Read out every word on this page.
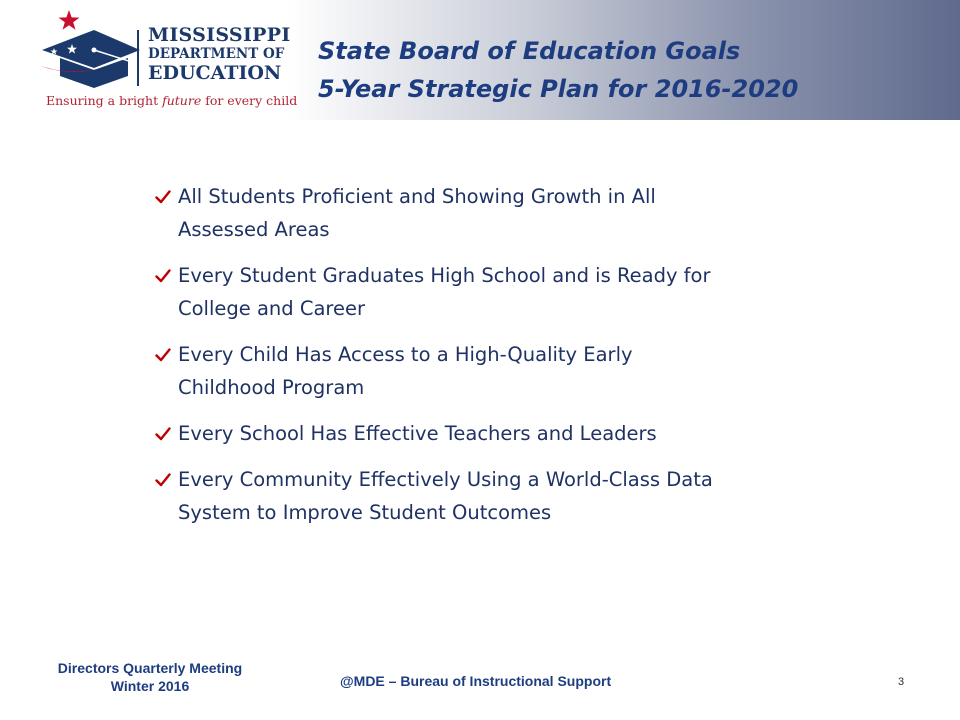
MISSISSIPPI
DEPARTMENT OF
EDUCATION
Ensuring a bright future for every child
State Board of Education Goals
5-Year Strategic Plan for 2016-2020
All Students Proficient and Showing Growth in All
Assessed Areas
Every Student Graduates High School and is Ready for
College and Career
Every Child Has Access to a High-Quality Early
Childhood Program
Every School Has Effective Teachers and Leaders
Every Community Effectively Using a World-Class Data
System to Improve Student Outcomes
Directors Quarterly Meeting
Winter 2016	@MDE – Bureau of Instructional Support	3
